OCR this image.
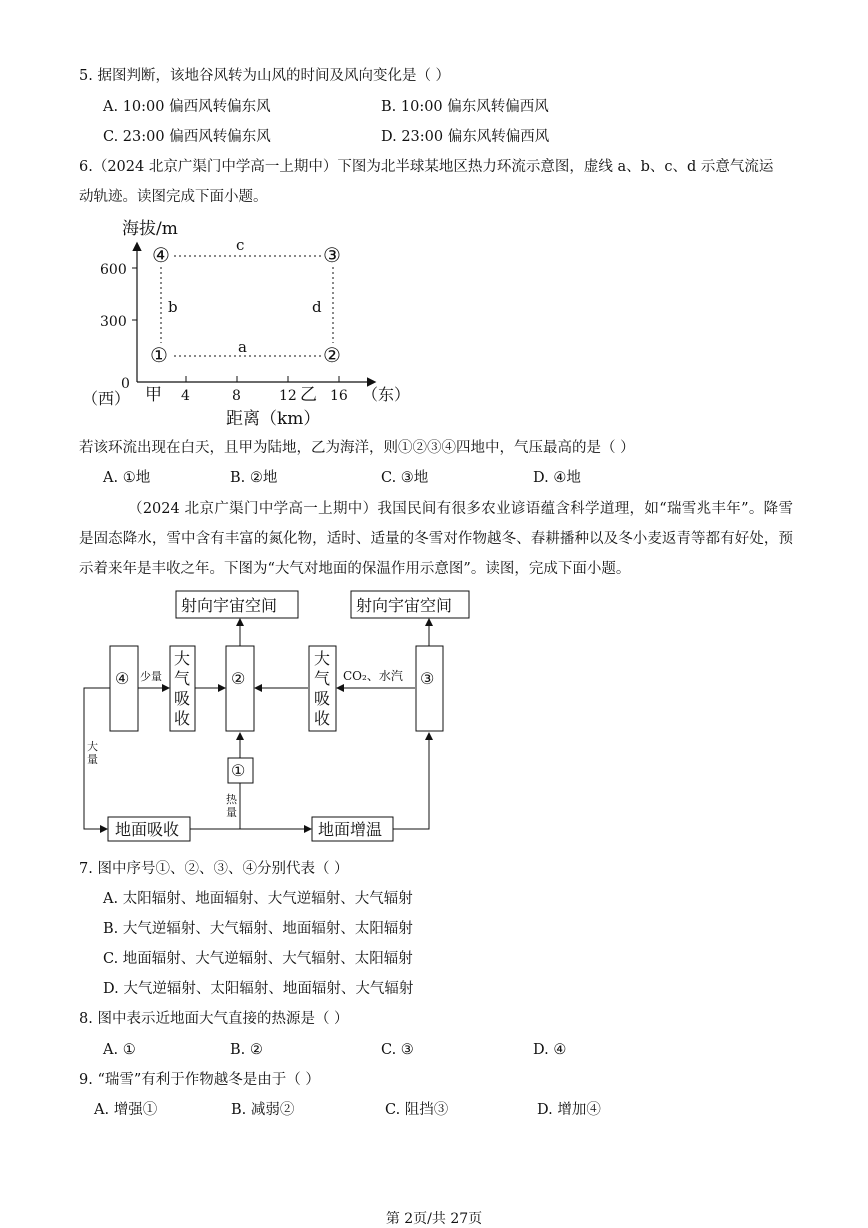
5. 据图判断，该地谷风转为山风的时间及风向变化是（ ）
A. 10:00 偏西风转偏东风	B. 10:00 偏东风转偏西风
C. 23:00 偏西风转偏东风	D. 23:00 偏东风转偏西风
6.（2024 北京广渠门中学高一上期中）下图为北半球某地区热力环流示意图，虚线 a、b、c、d 示意气流运
动轨迹。读图完成下面小题。
海拔/m
600
300
0
4	8	12 16
乙
甲
（西）	（东）
距离（km）
c
a
b	d
④	③
①	②
若该环流出现在白天，且甲为陆地，乙为海洋，则①②③④四地中，气压最高的是（ ）
A. ①地	B. ②地	C. ③地	D. ④地
（2024 北京广渠门中学高一上期中）我国民间有很多农业谚语蕴含科学道理，如“瑞雪兆丰年”。降雪是固态降水，雪中含有丰富的氮化物，适时、适量的冬雪对作物越冬、春耕播种以及冬小麦返青等都有好处，预示着来年是丰收之年。下图为“大气对地面的保温作用示意图”。读图，完成下面小题。
射向宇宙空间	射向宇宙空间
④
大
气
吸
收
少量	②
大
气
吸
收
CO₂、水汽 ③
①
地面吸收	地面增温
大
量
热
量
7. 图中序号①、②、③、④分别代表（ ）
A. 太阳辐射、地面辐射、大气逆辐射、大气辐射
B. 大气逆辐射、大气辐射、地面辐射、太阳辐射
C. 地面辐射、大气逆辐射、大气辐射、太阳辐射
D. 大气逆辐射、太阳辐射、地面辐射、大气辐射
8. 图中表示近地面大气直接的热源是（ ）
A. ①	B. ②	C. ③	D. ④
9. “瑞雪”有利于作物越冬是由于（ ）
A. 增强①	B. 减弱②	C. 阻挡③	D. 增加④
第 2页/共 27页
